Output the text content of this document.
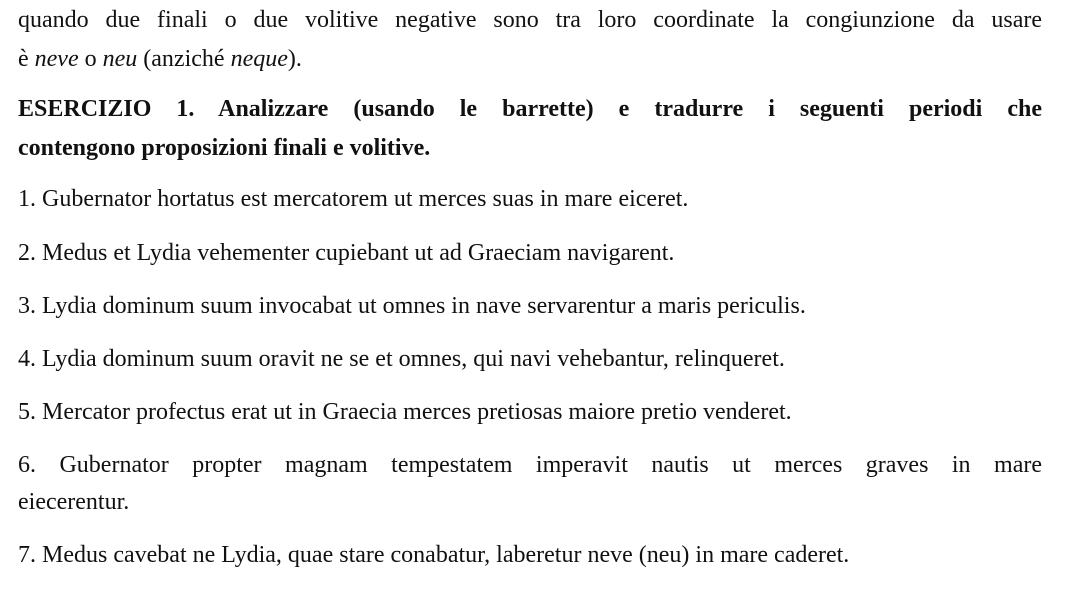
quando due finali o due volitive negative sono tra loro coordinate la congiunzione da usare
è neve o neu (anziché neque).
ESERCIZIO 1. Analizzare (usando le barrette) e tradurre i seguenti periodi che
contengono proposizioni finali e volitive.
1. Gubernator hortatus est mercatorem ut merces suas in mare eiceret.
2. Medus et Lydia vehementer cupiebant ut ad Graeciam navigarent.
3. Lydia dominum suum invocabat ut omnes in nave servarentur a maris periculis.
4. Lydia dominum suum oravit ne se et omnes, qui navi vehebantur, relinqueret.
5. Mercator profectus erat ut in Graecia merces pretiosas maiore pretio venderet.
6. Gubernator propter magnam tempestatem imperavit nautis ut merces graves in mare
eiecerentur.
7. Medus cavebat ne Lydia, quae stare conabatur, laberetur neve (neu) in mare caderet.
